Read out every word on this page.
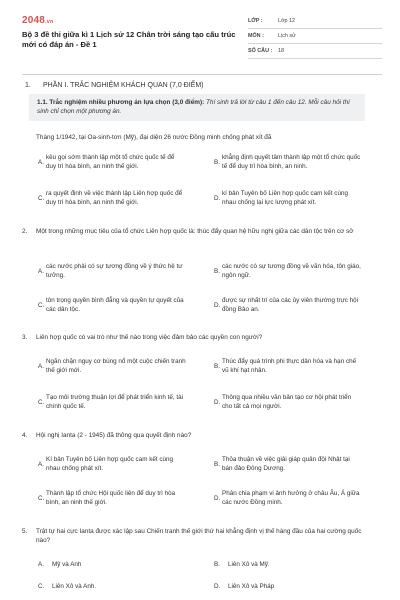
2048.vn
Bộ 3 đề thi giữa kì 1 Lịch sử 12 Chân trời sáng tạo cấu trúc mới có đáp án - Đề 1
LỚP :	Lớp 12
MÔN :	Lịch sử
SỐ CÂU : 18
1. PHẦN I. TRẮC NGHIỆM KHÁCH QUAN (7,0 ĐIỂM)
1.1. Trắc nghiệm nhiều phương án lựa chọn (3,0 điểm): Thí sinh trả lời từ câu 1 đến câu 12. Mỗi câu hỏi thí sinh chỉ chọn một phương án.
Tháng 1/1942, tại Oa-sinh-tơn (Mỹ), đại diện 26 nước Đồng minh chống phát xít đã
A.
kêu gọi sớm thành lập một tổ chức quốc tế để duy trì hòa bình, an ninh thế giới.
B.
khẳng định quyết tâm thành lập một tổ chức quốc tế để duy trì hòa bình, an ninh.
C.
ra quyết định về việc thành lập Liên hợp quốc để duy trì hòa bình, an ninh thế giới.
D.
kí bản Tuyên bố Liên hợp quốc cam kết cùng nhau chống lại lực lượng phát xít.
2. Một trong những mục tiêu của tổ chức Liên hợp quốc là: thúc đẩy quan hệ hữu nghị giữa các dân tộc trên cơ sở
A.
các nước phải có sự tương đồng về ý thức hệ tư tưởng.
B.
các nước có sự tương đồng về văn hóa, tôn giáo, ngôn ngữ.
C.
tôn trọng quyền bình đẳng và quyền tự quyết của các dân tộc.
D.
được sự nhất trí của các ủy viên thường trực hội đồng Bảo an.
3. Liên hợp quốc có vai trò như thế nào trong việc đảm bảo các quyền con người?
A.
Ngăn chặn nguy cơ bùng nổ một cuộc chiến tranh thế giới mới.
B.
Thúc đẩy quá trình phi thực dân hóa và hạn chế vũ khí hạt nhân.
C.
Tạo môi trường thuận lợi để phát triển kinh tế, tài chính quốc tế.
D.
Thông qua nhiều văn bản tạo cơ hội phát triển cho tất cả mọi người.
4. Hội nghị Ianta (2 - 1945) đã thông qua quyết định nào?
A.
Kí bản Tuyên bố Liên hợp quốc cam kết cùng nhau chống phát xít.
B.
Thỏa thuận về việc giải giáp quân đội Nhật tại bán đảo Đông Dương.
C.
Thành lập tổ chức Hội quốc liên để duy trì hòa bình, an ninh thế giới.
D.
Phân chia phạm vi ảnh hưởng ở châu Âu, Á giữa các nước Đồng minh.
5. Trật tự hai cực Ianta được xác lập sau Chiến tranh thế giới thứ hai khẳng định vị thế hàng đầu của hai cường quốc nào?
A. Mỹ và Anh	B. Liên Xô và Mỹ.
C. Liên Xô và Anh.	D. Liên Xô và Pháp
